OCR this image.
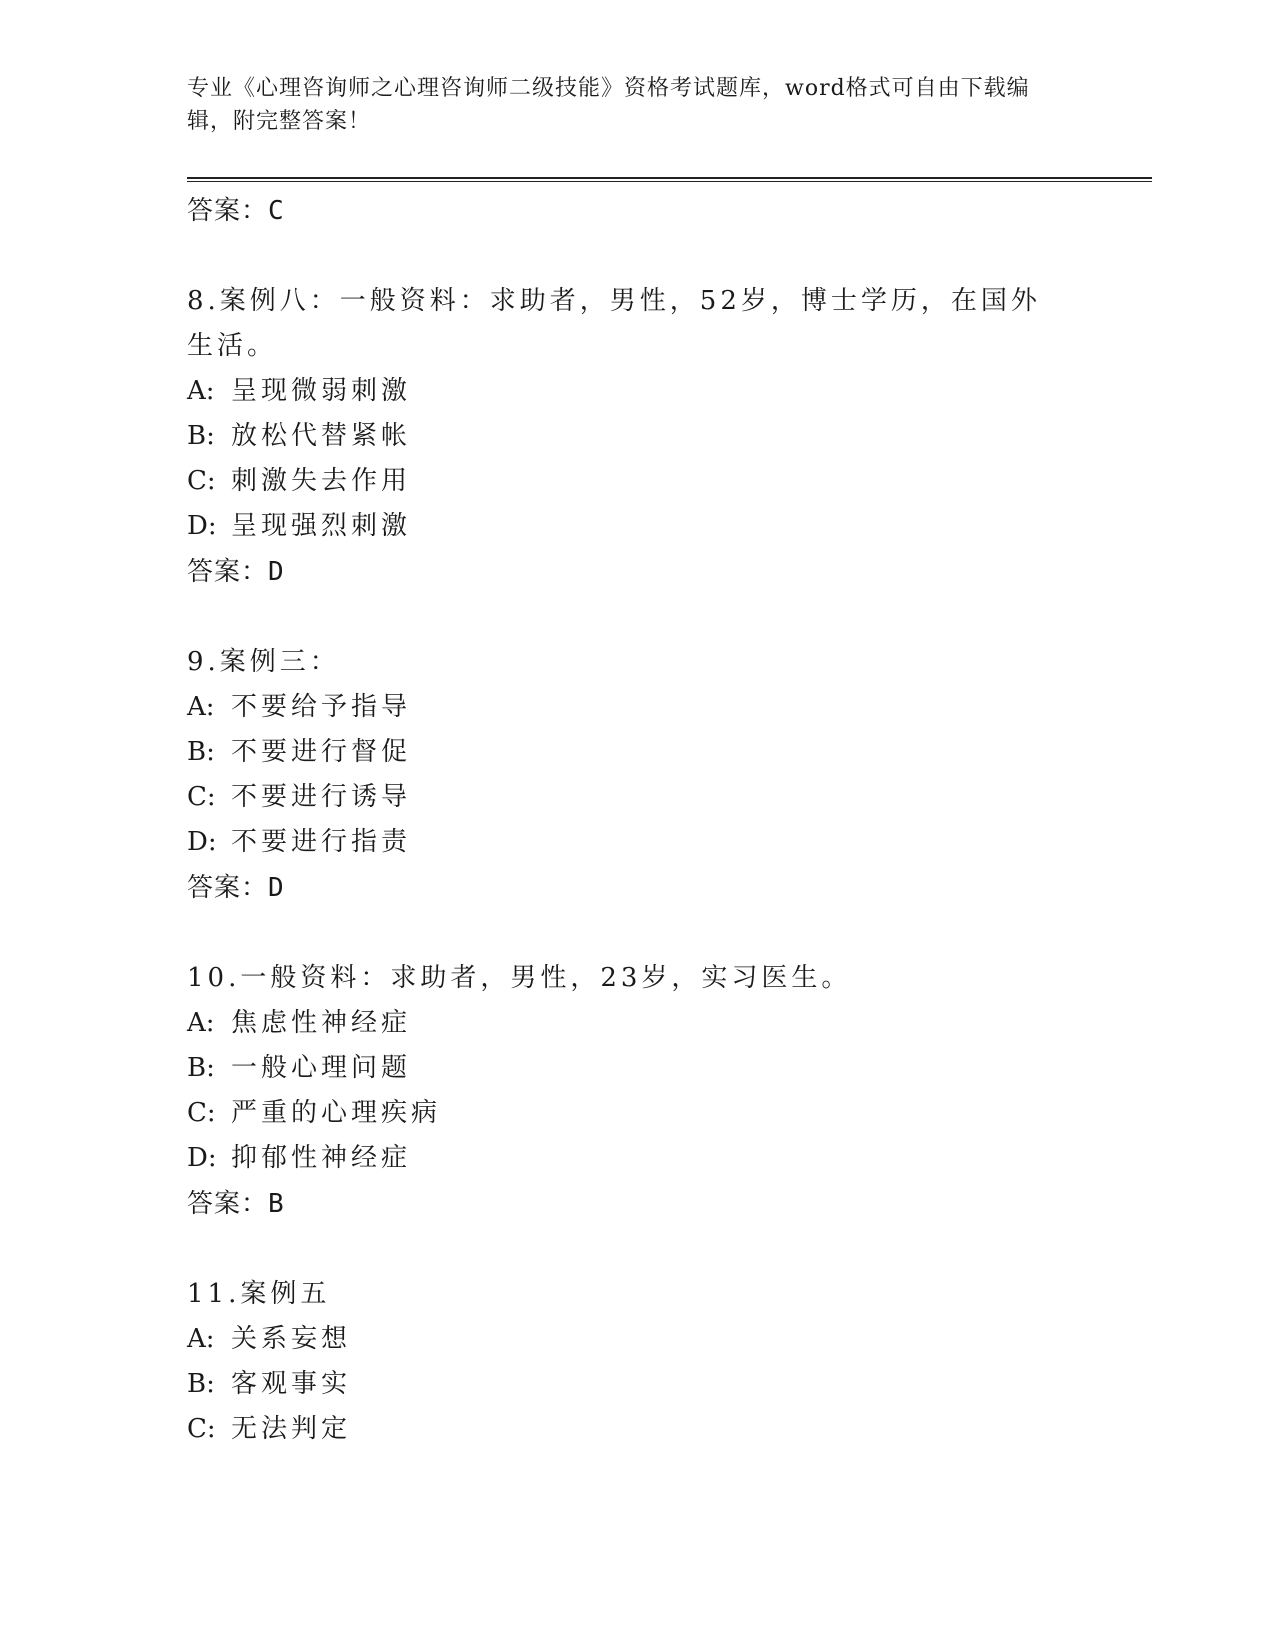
专业《心理咨询师之心理咨询师二级技能》资格考试题库，word格式可自由下载编辑，附完整答案！
答案：C
8.案例八：一般资料：求助者，男性，52岁，博士学历，在国外生活。
A: 呈现微弱刺激
B: 放松代替紧帐
C: 刺激失去作用
D: 呈现强烈刺激
答案：D
9.案例三：
A: 不要给予指导
B: 不要进行督促
C: 不要进行诱导
D: 不要进行指责
答案：D
10.一般资料：求助者，男性，23岁，实习医生。
A: 焦虑性神经症
B: 一般心理问题
C: 严重的心理疾病
D: 抑郁性神经症
答案：B
11.案例五
A: 关系妄想
B: 客观事实
C: 无法判定
